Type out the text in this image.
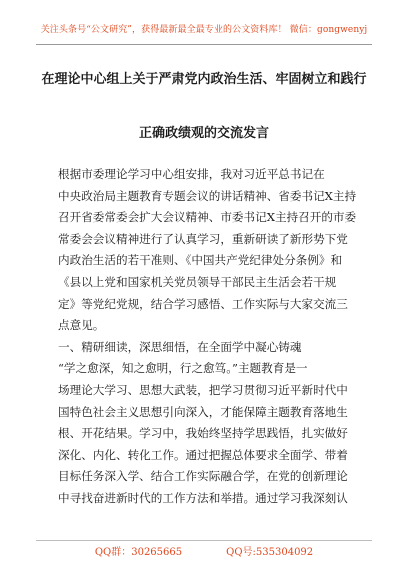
关注头条号“公文研究”，获得最新最全最专业的公文资料库！ 微信：gongwenyj
在理论中心组上关于严肃党内政治生活、牢固树立和践行
正确政绩观的交流发言
根据市委理论学习中心组安排，我对习近平总书记在
中央政治局主题教育专题会议的讲话精神、省委书记X主持
召开省委常委会扩大会议精神、市委书记X主持召开的市委
常委会会议精神进行了认真学习，重新研读了新形势下党
内政治生活的若干准则、《中国共产党纪律处分条例》和
《县以上党和国家机关党员领导干部民主生活会若干规
定》等党纪党规，结合学习感悟、工作实际与大家交流三
点意见。
一、精研细读，深思细悟，在全面学中凝心铸魂
“学之愈深，知之愈明，行之愈笃。”主题教育是一
场理论大学习、思想大武装，把学习贯彻习近平新时代中
国特色社会主义思想引向深入，才能保障主题教育落地生
根、开花结果。学习中，我始终坚持学思践悟，扎实做好
深化、内化、转化工作。通过把握总体要求全面学、带着
目标任务深入学、结合工作实际融合学，在党的创新理论
中寻找奋进新时代的工作方法和举措。通过学习我深刻认
QQ群：30265665	QQ号:535304092
